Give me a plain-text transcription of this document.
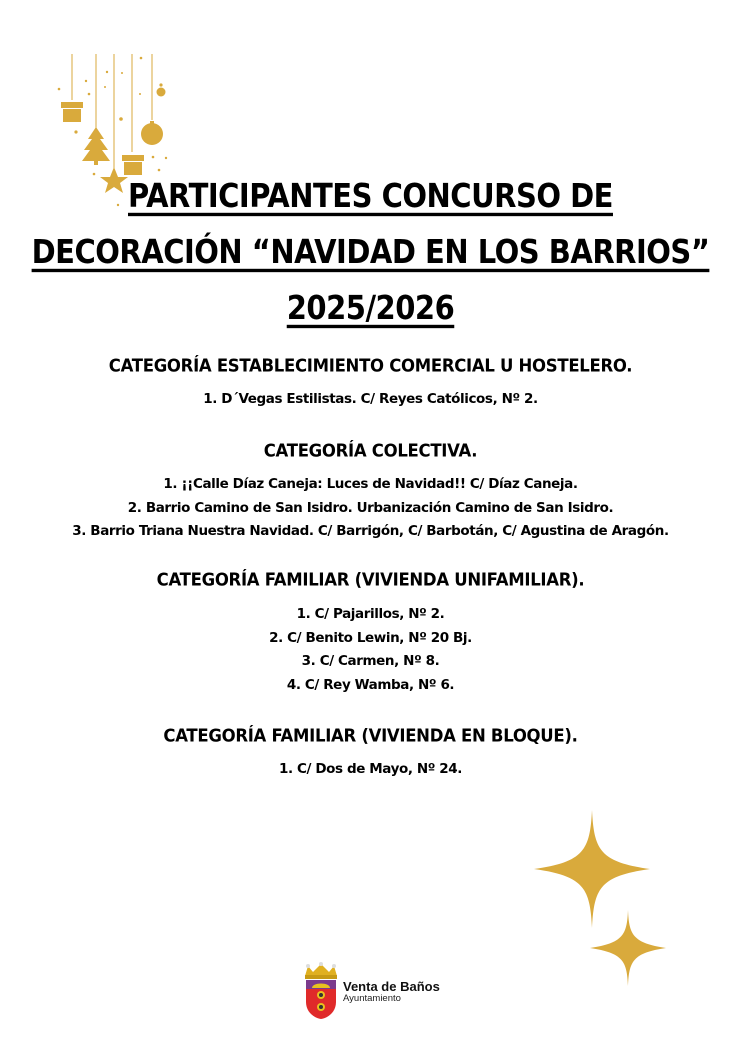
PARTICIPANTES CONCURSO DE
DECORACIÓN “NAVIDAD EN LOS BARRIOS”
2025/2026
CATEGORÍA ESTABLECIMIENTO COMERCIAL U HOSTELERO.
1. D´Vegas Estilistas. C/ Reyes Católicos, Nº 2.
CATEGORÍA COLECTIVA.
1. ¡¡Calle Díaz Caneja: Luces de Navidad!! C/ Díaz Caneja.
2. Barrio Camino de San Isidro. Urbanización Camino de San Isidro.
3. Barrio Triana Nuestra Navidad. C/ Barrigón, C/ Barbotán, C/ Agustina de Aragón.
CATEGORÍA FAMILIAR (VIVIENDA UNIFAMILIAR).
1. C/ Pajarillos, Nº 2.
2. C/ Benito Lewin, Nº 20 Bj.
3. C/ Carmen, Nº 8.
4. C/ Rey Wamba, Nº 6.
CATEGORÍA FAMILIAR (VIVIENDA EN BLOQUE).
1. C/ Dos de Mayo, Nº 24.
Venta de Baños
Ayuntamiento
